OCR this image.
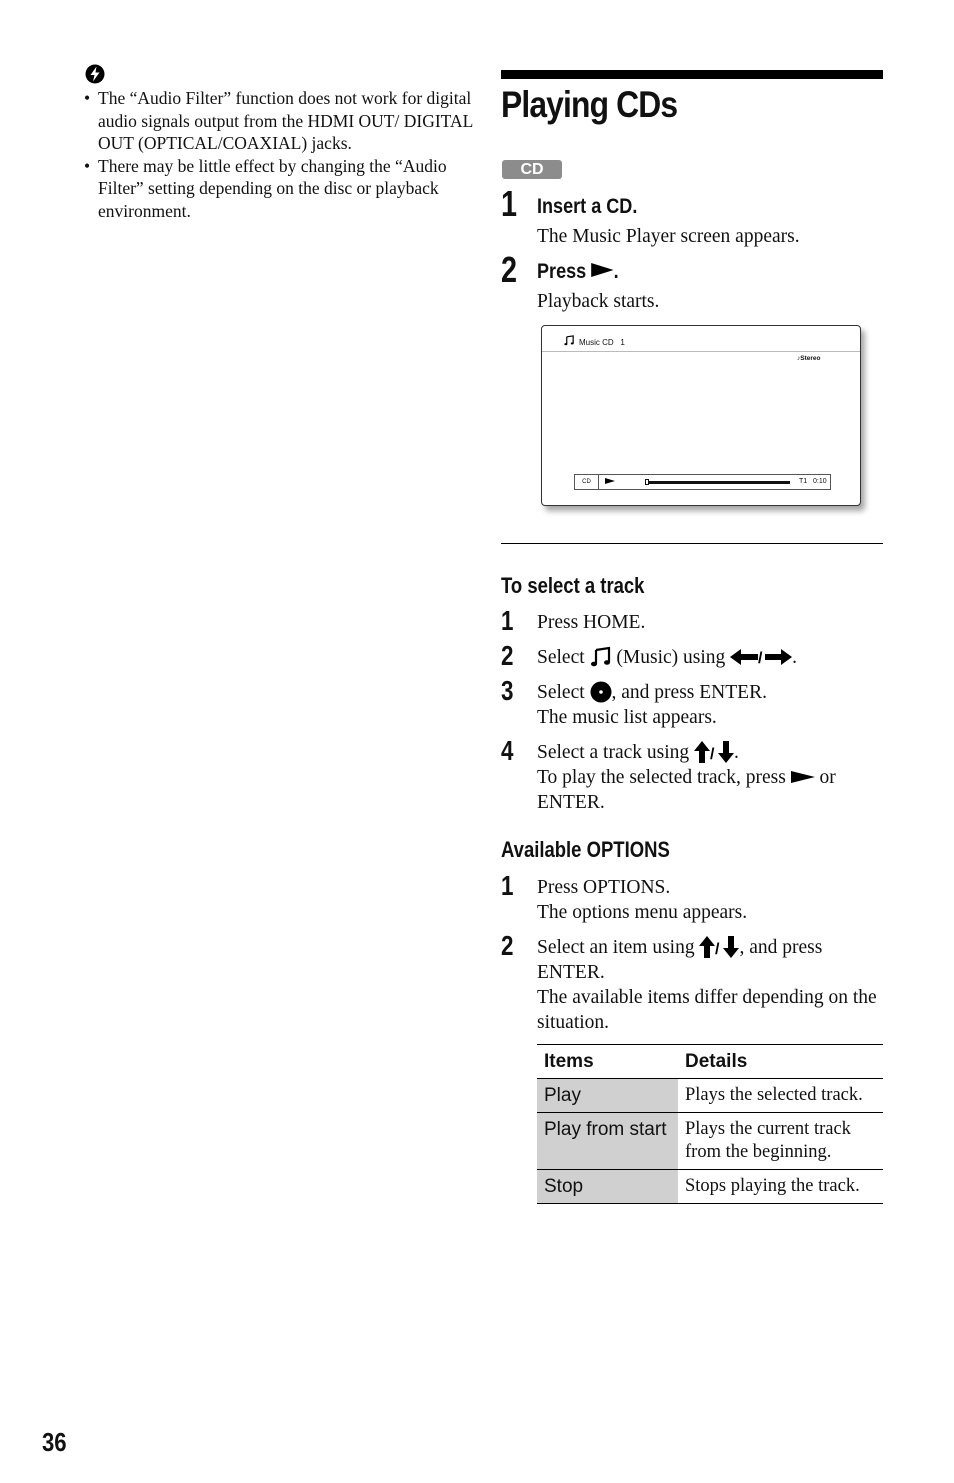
• The “Audio Filter” function does not work for digital audio signals output from the HDMI OUT/ DIGITAL OUT (OPTICAL/COAXIAL) jacks.
• There may be little effect by changing the “Audio Filter” setting depending on the disc or playback environment.
Playing CDs
CD
1 Insert a CD.
The Music Player screen appears.
2 Press .
Playback starts.
Music CD   1
♪Stereo
CD	T1   0:10
To select a track
1 Press HOME.
2 Select (Music) using / .
3 Select , and press ENTER.
The music list appears.
4 Select a track using / .
To play the selected track, press or
ENTER.
Available OPTIONS
1 Press OPTIONS.
The options menu appears.
2 Select an item using / , and press
ENTER.
The available items differ depending on the situation.
Items	Details
Play	Plays the selected track.
Play from start	Plays the current track from the beginning.
Stop	Stops playing the track.
36
